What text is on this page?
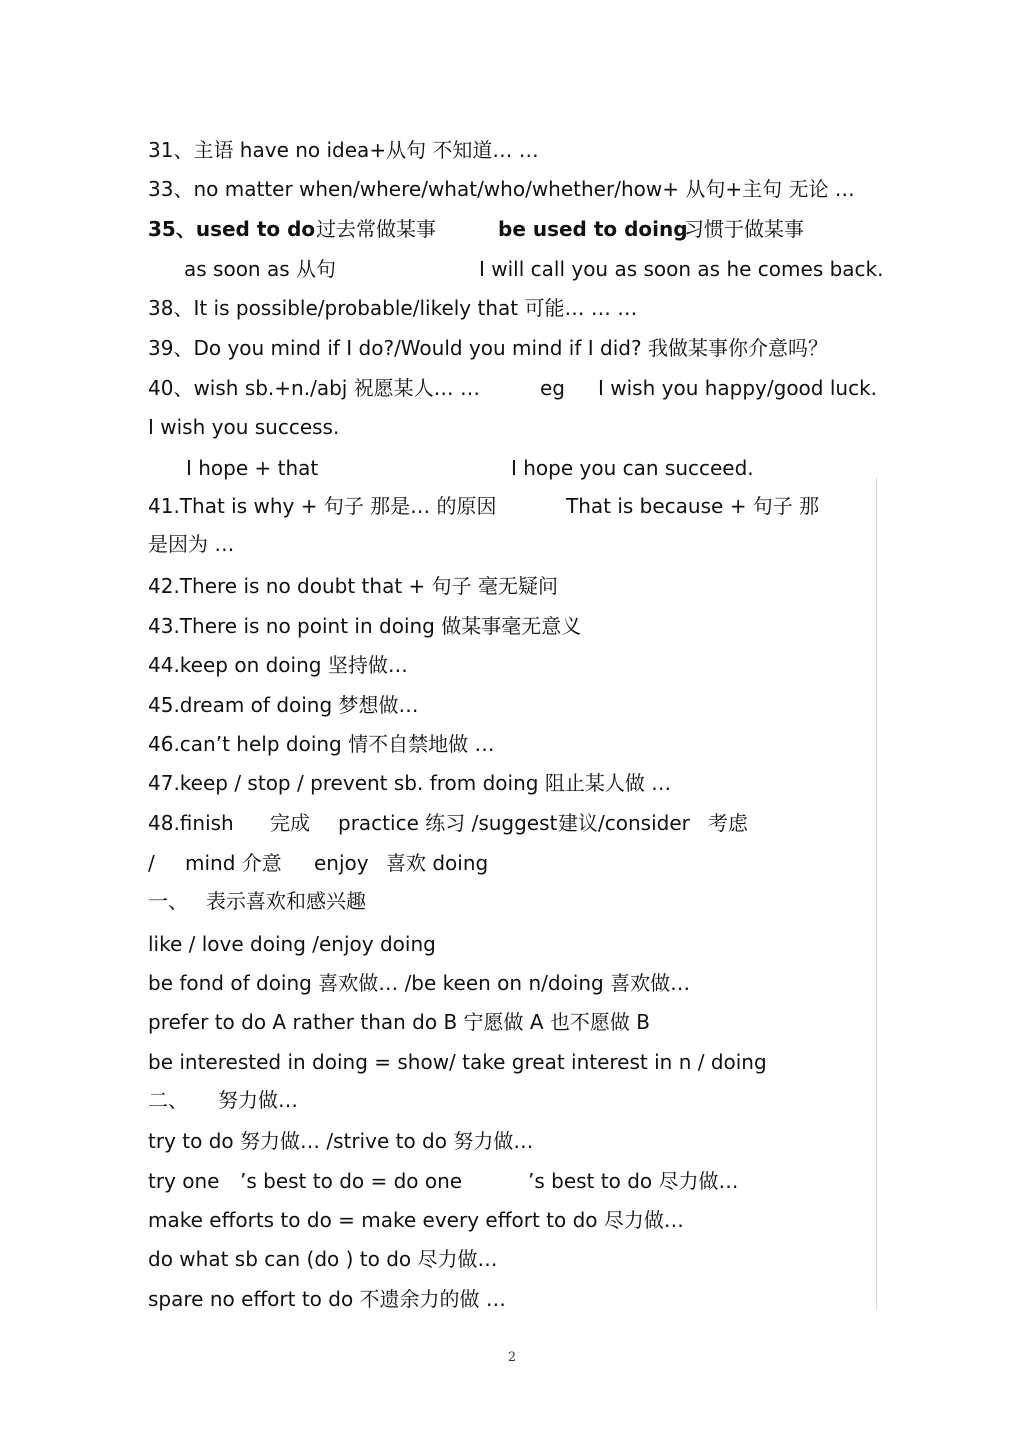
31、主语 have no idea+从句 不知道… …
33、no matter when/where/what/who/whether/how+ 从句+主句 无论 …
35、used to do 过去常做某事	be used to doing
习惯于做某事
as soon as 从句	I will call you as soon as he comes back.
38、It is possible/probable/likely that 可能… … …
39、Do you mind if I do?/Would you mind if I did? 我做某事你介意吗？
40、wish sb.+n./abj 祝愿某人… …	eg I wish you happy/good luck.
I wish you success.
I hope + that	I hope you can succeed.
41.That is why + 句子 那是… 的原因	That is because + 句子 那
是因为 …
42.There is no doubt that + 句子 毫无疑问
43.There is no point in doing 做某事毫无意义
44.keep on doing 坚持做…
45.dream of doing 梦想做…
46.can’t help doing 情不自禁地做 …
47.keep / stop / prevent sb. from doing 阻止某人做 …
48.finish 完成 practice 练习 /suggest 建议/consider 考虑
/ mind 介意 enjoy 喜欢 doing
一、 表示喜欢和感兴趣
like / love doing /enjoy doing
be fond of doing 喜欢做… /be keen on n/doing 喜欢做…
prefer to do A rather than do B 宁愿做 A 也不愿做 B
be interested in doing = show/ take great interest in n / doing
二、 努力做…
try to do 努力做… /strive to do 努力做…
try one ’s best to do = do one	’s best to do 尽力做…
make efforts to do = make every effort to do 尽力做…
do what sb can (do ) to do 尽力做…
spare no effort to do 不遗余力的做 …
2
